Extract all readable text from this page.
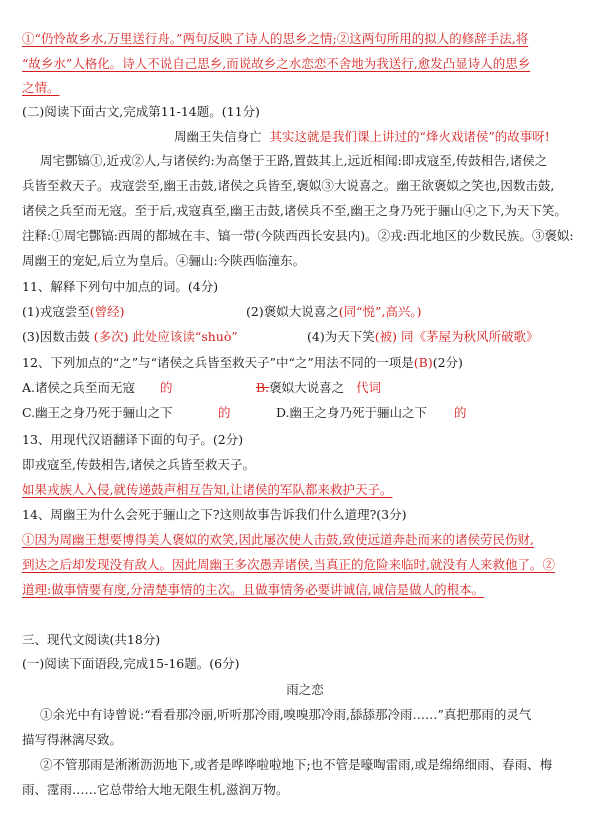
①“仍怜故乡水,万里送行舟。”两句反映了诗人的思乡之情;②这两句所用的拟人的修辞手法,将
“故乡水”人格化。诗人不说自己思乡,而说故乡之水恋恋不舍地为我送行,愈发凸显诗人的思乡
之情。
(二)阅读下面古文,完成第11-14题。(11分)
周幽王失信身亡 其实这就是我们课上讲过的“烽火戏诸侯”的故事呀!
周宅酆镐①,近戎②人,与诸侯约:为高堡于王路,置鼓其上,远近相闻:即戎寇至,传鼓相告,诸侯之
兵皆至救天子。戎寇尝至,幽王击鼓,诸侯之兵皆至,褒姒③大说喜之。幽王欲褒姒之笑也,因数击鼓,
诸侯之兵至而无寇。至于后,戎寇真至,幽王击鼓,诸侯兵不至,幽王之身乃死于骊山④之下,为天下笑。
注释:①周宅酆镐:西周的都城在丰、镐一带(今陕西西长安县内)。②戎:西北地区的少数民族。③褒姒:
周幽王的宠妃,后立为皇后。④骊山:今陕西临潼东。
11、解释下列句中加点的词。(4分)
(1)戎寇尝至(曾经)	(2)褒姒大说喜之(同“悦”,高兴。)
(3)因数击鼓 (多次) 此处应该读“shuò”	(4)为天下笑(被) 同《茅屋为秋风所破歌》
12、下列加点的“之”与“诸侯之兵皆至救天子”中“之”用法不同的一项是(B)(2分)
A.诸侯之兵至而无寇 的	B.褒姒大说喜之 代词
C.幽王之身乃死于骊山之下	的	D.幽王之身乃死于骊山之下 的
13、用现代汉语翻译下面的句子。(2分)
即戎寇至,传鼓相告,诸侯之兵皆至救天子。
如果戎族人入侵,就传递鼓声相互告知,让诸侯的军队都来救护天子。
14、周幽王为什么会死于骊山之下?这则故事告诉我们什么道理?(3分)
①因为周幽王想要博得美人褒姒的欢笑,因此屡次使人击鼓,致使远道奔赴而来的诸侯劳民伤财,
到达之后却发现没有敌人。因此周幽王多次愚弄诸侯,当真正的危险来临时,就没有人来救他了。②
道理:做事情要有度,分清楚事情的主次。且做事情务必要讲诚信,诚信是做人的根本。
三、现代文阅读(共18分)
(一)阅读下面语段,完成15-16题。(6分)
雨之恋
①余光中有诗曾说:“看看那冷丽,听听那冷雨,嗅嗅那冷雨,舔舔那冷雨……”真把那雨的灵气
描写得淋漓尽致。
②不管那雨是淅淅沥沥地下,或者是哗哗啦啦地下;也不管是嚎啕雷雨,或是绵绵细雨、春雨、梅
雨、霪雨……它总带给大地无限生机,滋润万物。
